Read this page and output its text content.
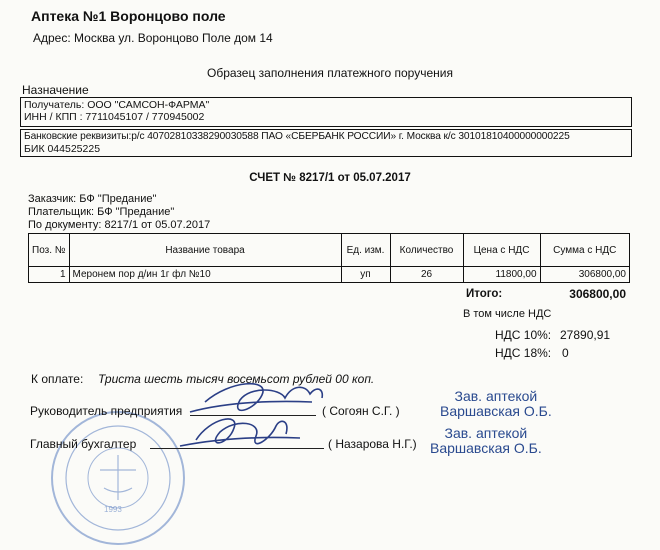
Аптека №1 Воронцово поле
Адрес: Москва ул. Воронцово Поле дом 14
Образец заполнения платежного поручения
Назначение
Получатель: ООО "САМСОН-ФАРМА"
ИНН / КПП : 7711045107 / 770945002
Банковские реквизиты:р/с 40702810338290030588 ПАО «СБЕРБАНК РОССИИ» г. Москва к/с 30101810400000000225
БИК 044525225
СЧЕТ № 8217/1 от 05.07.2017
Заказчик: БФ "Предание"
Плательщик: БФ "Предание"
По документу: 8217/1 от 05.07.2017
Поз. №	Название товара	Ед. изм.	Количество	Цена с НДС	Сумма с НДС
1	Меронем пор д/ин 1г фл №10	уп	26	11800,00	306800,00
Итого:	306800,00
В том числе НДС
НДС 10%: 27890,91
НДС 18%: 0
К оплате: Триста шесть тысяч восемьсот рублей 00 коп.
1993
Руководитель предприятия	( Согоян С.Г. )
Главный бухгалтер	( Назарова Н.Г.)
Зав. аптекой
Варшавская О.Б.
Зав. аптекой
Варшавская О.Б.
